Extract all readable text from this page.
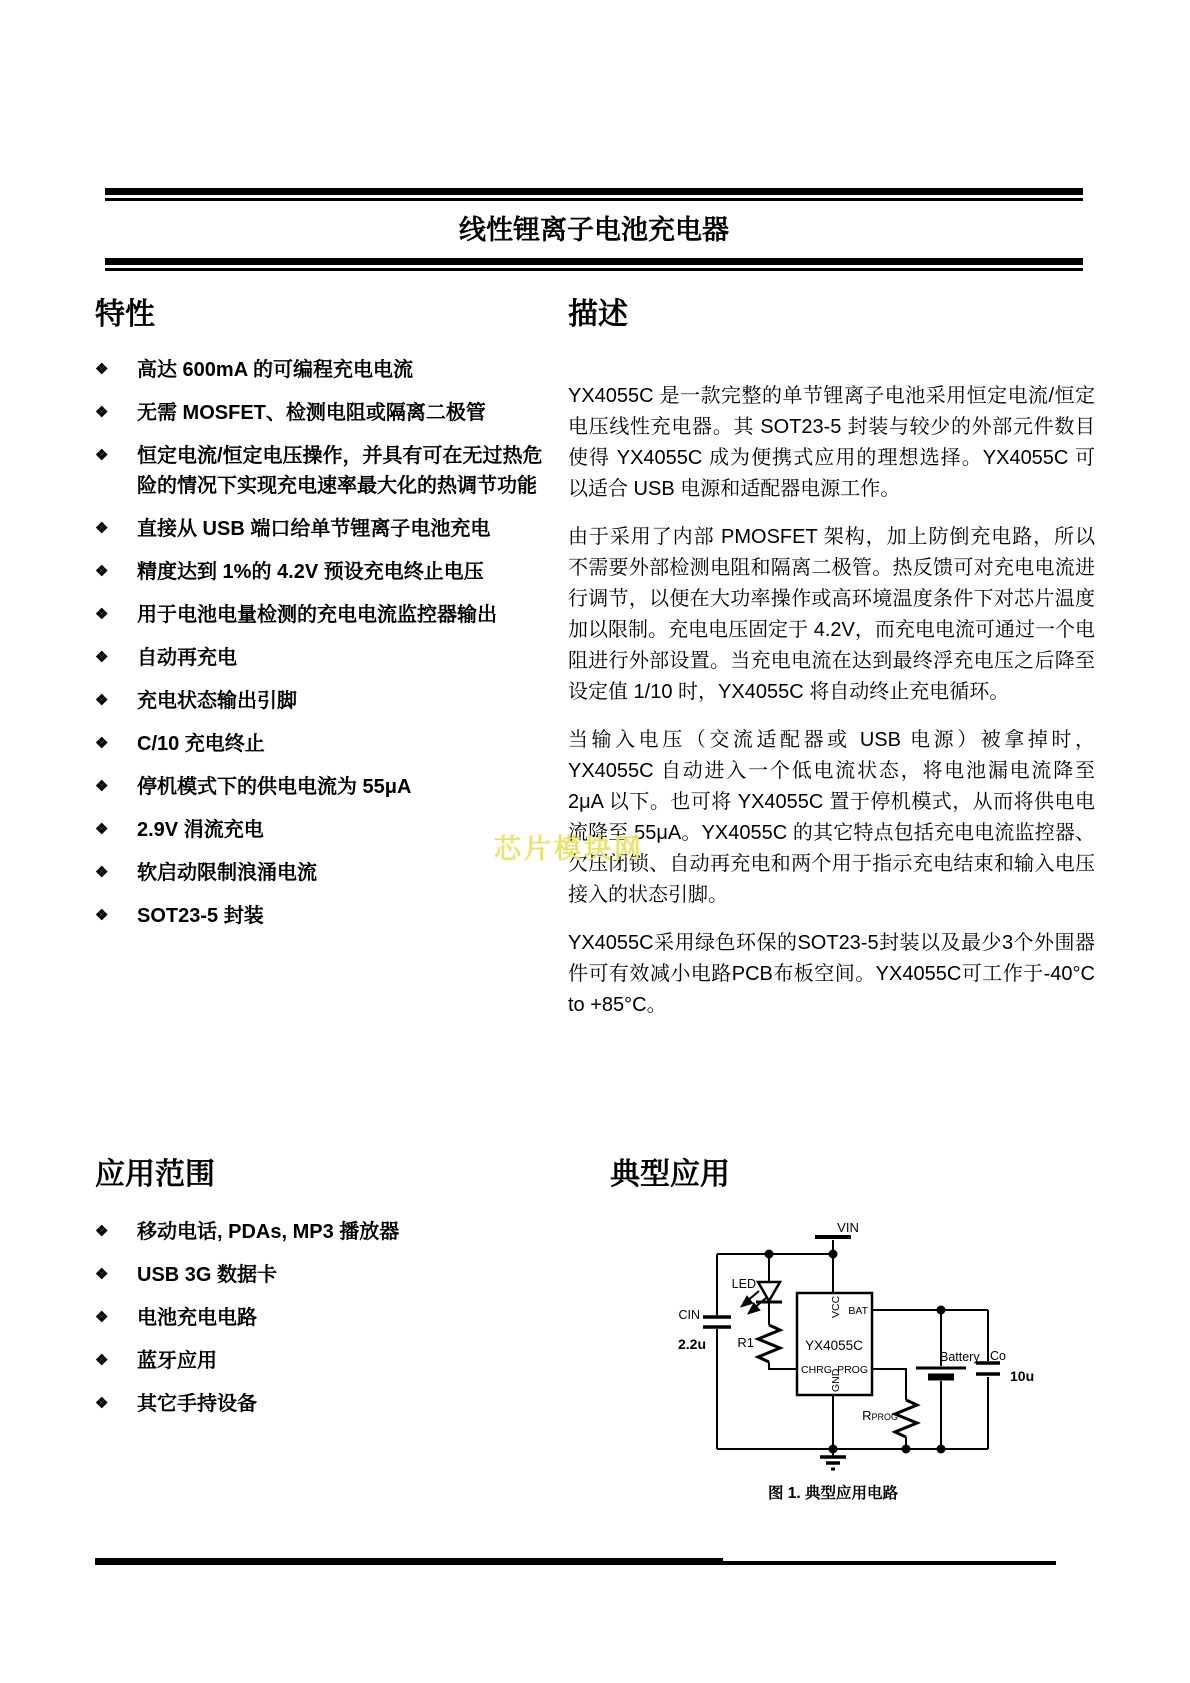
线性锂离子电池充电器
特性
❖	高达 600mA 的可编程充电电流
❖	无需 MOSFET、检测电阻或隔离二极管
❖	恒定电流/恒定电压操作，并具有可在无过热危险的情况下实现充电速率最大化的热调节功能
❖	直接从 USB 端口给单节锂离子电池充电
❖	精度达到 1%的 4.2V 预设充电终止电压
❖	用于电池电量检测的充电电流监控器输出
❖	自动再充电
❖	充电状态输出引脚
❖	C/10 充电终止
❖	停机模式下的供电电流为 55μA
❖	2.9V 涓流充电
❖	软启动限制浪涌电流
❖	SOT23-5 封装
描述

YX4055C 是一款完整的单节锂离子电池采用恒定电流/恒定电压线性充电器。其 SOT23-5 封装与较少的外部元件数目使得 YX4055C 成为便携式应用的理想选择。YX4055C 可以适合 USB 电源和适配器电源工作。

由于采用了内部 PMOSFET 架构，加上防倒充电路，所以不需要外部检测电阻和隔离二极管。热反馈可对充电电流进行调节，以便在大功率操作或高环境温度条件下对芯片温度加以限制。充电电压固定于 4.2V，而充电电流可通过一个电阻进行外部设置。当充电电流在达到最终浮充电压之后降至设定值 1/10 时，YX4055C 将自动终止充电循环。

当输入电压（交流适配器或 USB 电源）被拿掉时，YX4055C 自动进入一个低电流状态，将电池漏电流降至 2μA 以下。也可将 YX4055C 置于停机模式，从而将供电电流降至 55μA。YX4055C 的其它特点包括充电电流监控器、欠压闭锁、自动再充电和两个用于指示充电结束和输入电压接入的状态引脚。

YX4055C采用绿色环保的SOT23-5封装以及最少3个外围器件可有效减小电路PCB布板空间。YX4055C可工作于-40°C to +85°C。

芯片模块网
应用范围
❖	移动电话, PDAs, MP3 播放器
❖	USB 3G 数据卡
❖	电池充电电路
❖	蓝牙应用
❖	其它手持设备
典型应用
YX4055C
VCC BAT
CHRG PROG
GND
VIN
CIN
2.2u
LED
R1
Battery Co
10u
RPROG
图 1. 典型应用电路
